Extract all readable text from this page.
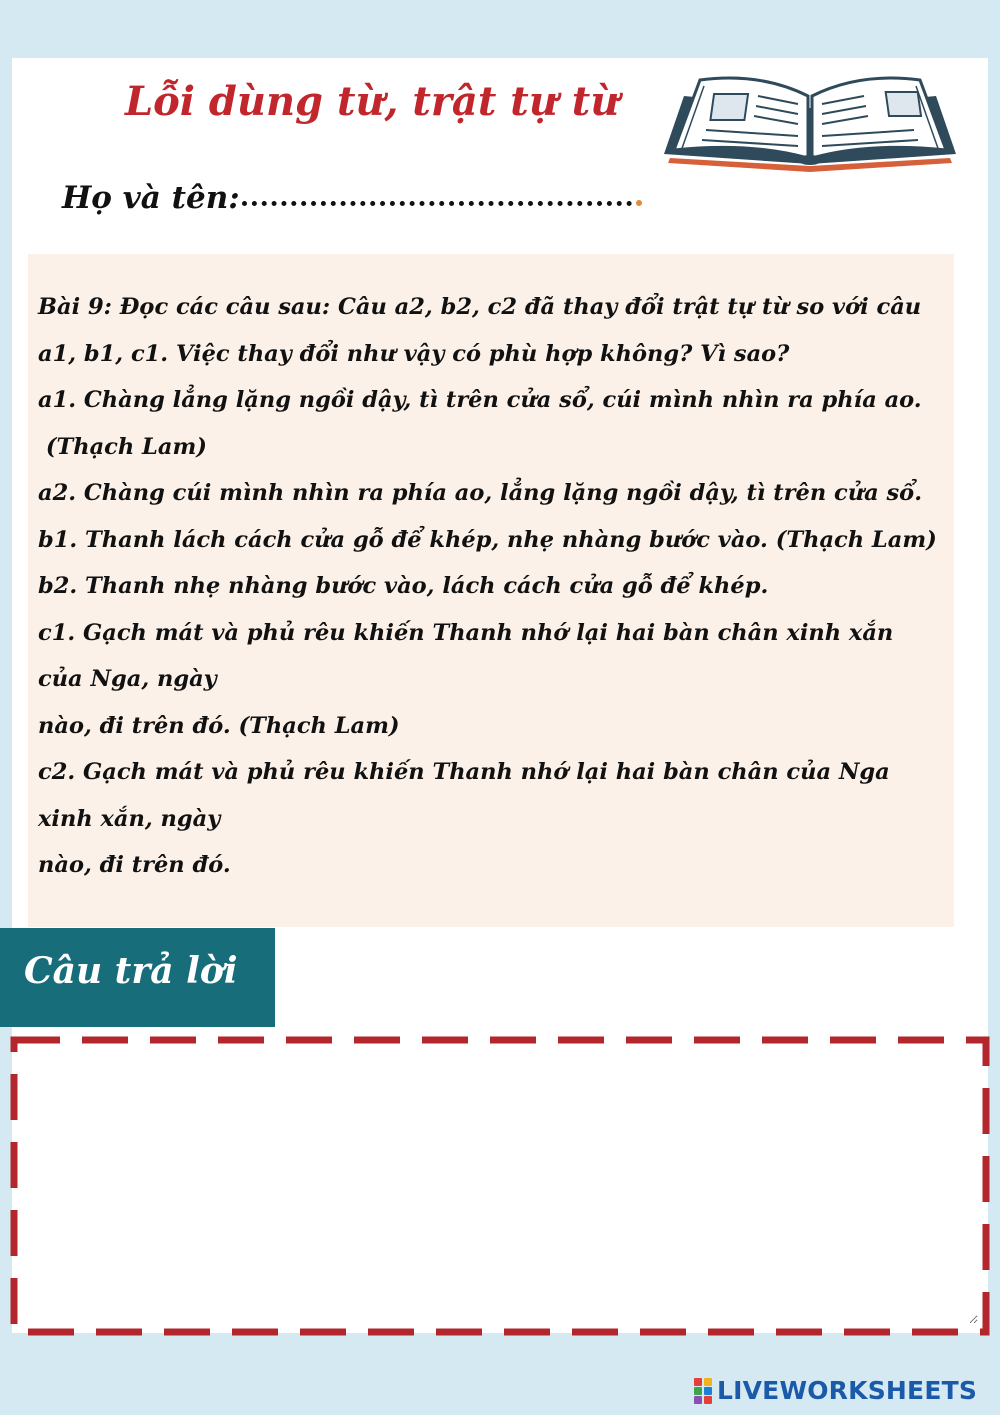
Lỗi dùng từ, trật tự từ
Họ và tên:
Bài 9: Đọc các câu sau: Câu a2, b2, c2 đã thay đổi trật tự từ so với câu
a1, b1, c1. Việc thay đổi như vậy có phù hợp không? Vì sao?
a1. Chàng lẳng lặng ngồi dậy, tì trên cửa sổ, cúi mình nhìn ra phía ao.
(Thạch Lam)
a2. Chàng cúi mình nhìn ra phía ao, lẳng lặng ngồi dậy, tì trên cửa sổ.
b1. Thanh lách cách cửa gỗ để khép, nhẹ nhàng bước vào. (Thạch Lam)
b2. Thanh nhẹ nhàng bước vào, lách cách cửa gỗ để khép.
c1. Gạch mát và phủ rêu khiến Thanh nhớ lại hai bàn chân xinh xắn
của Nga, ngày
nào, đi trên đó. (Thạch Lam)
c2. Gạch mát và phủ rêu khiến Thanh nhớ lại hai bàn chân của Nga
xinh xắn, ngày
nào, đi trên đó.
Câu trả lời
LIVEWORKSHEETS
